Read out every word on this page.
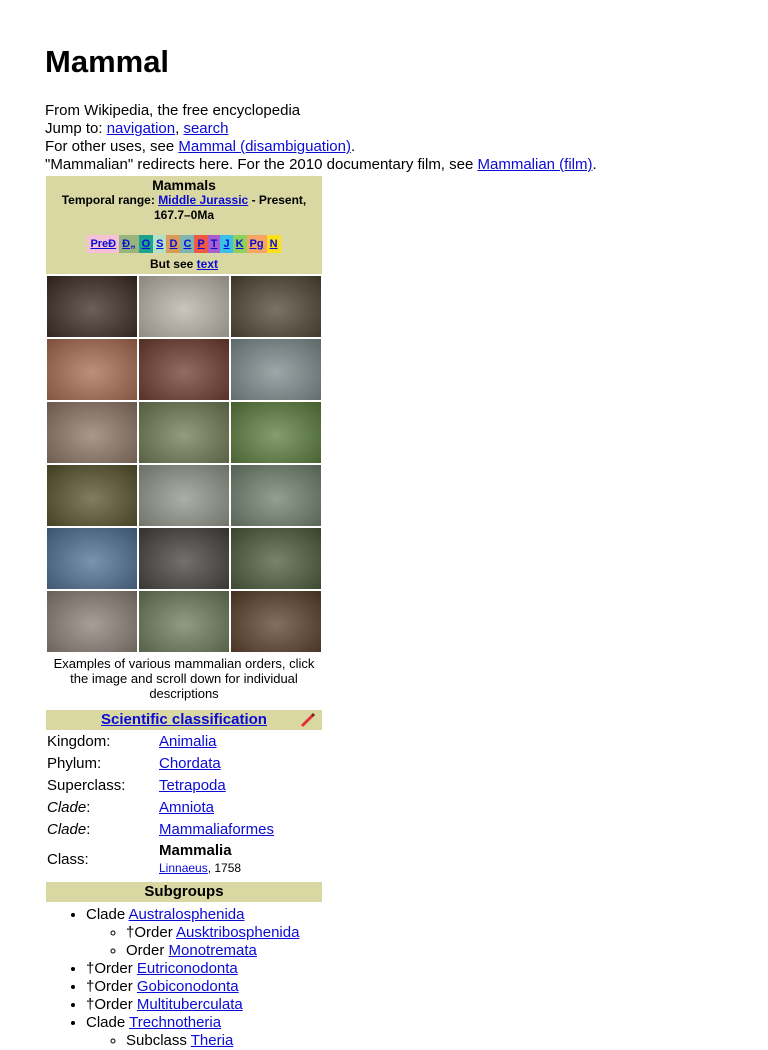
Mammal
From Wikipedia, the free encyclopedia
Jump to: navigation, search
For other uses, see Mammal (disambiguation).
"Mammalian" redirects here. For the 2010 documentary film, see Mammalian (film).
Mammals
Temporal range: Middle Jurassic - Present,
167.7–0Ma
PreÐ Ð„ O S D C P T J K Pg N
But see text
Examples of various mammalian orders, click the image and scroll down for individual descriptions
Scientific classification
Kingdom:	Animalia
Phylum:	Chordata
Superclass:	Tetrapoda
Clade:	Amniota
Clade:	Mammaliaformes
Class:	Mammalia
Linnaeus, 1758
Subgroups
• Clade Australosphenida
◦ †Order Ausktribosphenida
◦ Order Monotremata
• †Order Eutriconodonta
• †Order Gobiconodonta
• †Order Multituberculata
• Clade Trechnotheria
◦ Subclass Theria
